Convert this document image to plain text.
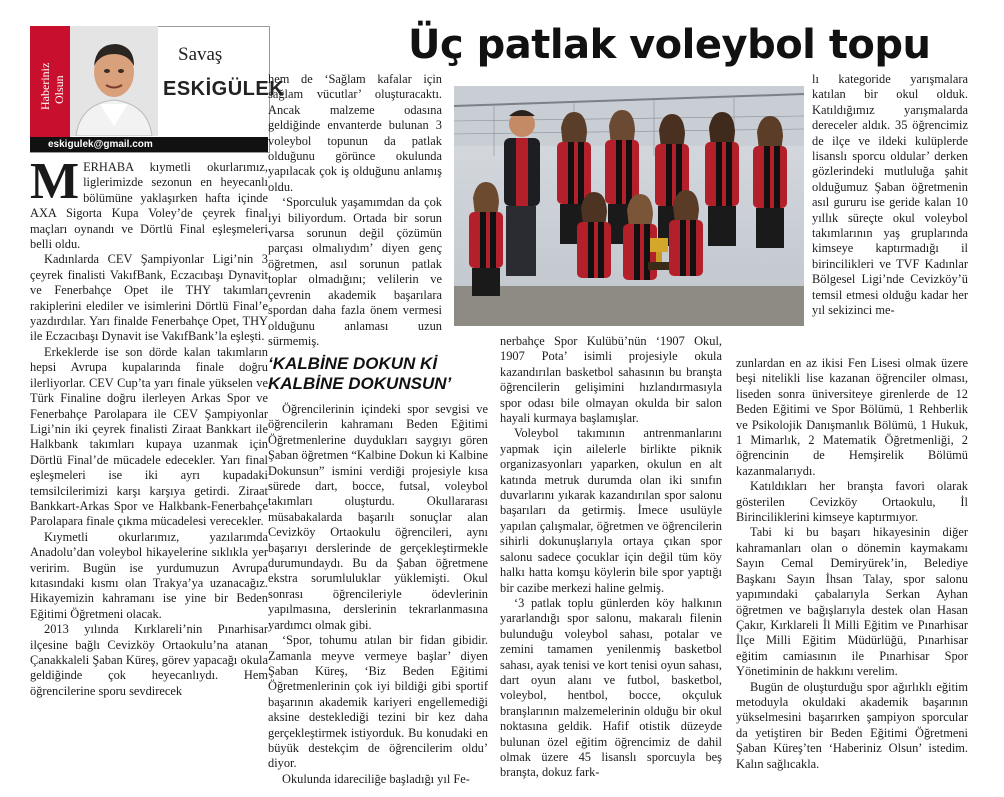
Haberiniz Olsun
Savaş
ESKİGÜLEK
eskigulek@gmail.com
Üç patlak voleybol topu

MERHABA kıymetli okurlarımız, liglerimizde sezonun en heyecanlı bölümüne yaklaşırken hafta içinde AXA Sigorta Kupa Voley’de çeyrek final maçları oynandı ve Dörtlü Final eşleşmeleri belli oldu.

Kadınlarda CEV Şampiyonlar Ligi’nin 3 çeyrek finalisti VakıfBank, Eczacıbaşı Dynavit ve Fenerbahçe Opet ile THY takımları rakiplerini elediler ve isimlerini Dörtlü Final’e yazdırdılar. Yarı finalde Fenerbahçe Opet, THY ile Eczacıbaşı Dynavit ise VakıfBank’la eşleşti.

Erkeklerde ise son dörde kalan takımların hepsi Avrupa kupalarında finale doğru ilerliyorlar. CEV Cup’ta yarı finale yükselen ve Türk Finaline doğru ilerleyen Arkas Spor ve Fenerbahçe Parolapara ile CEV Şampiyonlar Ligi’nin iki çeyrek finalisti Ziraat Bankkart ile Halkbank takımları kupaya uzanmak için Dörtlü Final’de mücadele edecekler. Yarı final eşleşmeleri ise iki ayrı kupadaki temsilcilerimizi karşı karşıya getirdi. Ziraat Bankkart-Arkas Spor ve Halkbank-Fenerbahçe Parolapara finale çıkma mücadelesi verecekler.

Kıymetli okurlarımız, yazılarımda Anadolu’dan voleybol hikayelerine sıklıkla yer veririm. Bugün ise yurdumuzun Avrupa kıtasındaki kısmı olan Trakya’ya uzanacağız. Hikayemizin kahramanı ise yine bir Beden Eğitimi Öğretmeni olacak.

2013 yılında Kırklareli’nin Pınarhisar ilçesine bağlı Cevizköy Ortaokulu’na atanan Çanakkaleli Şaban Küreş, görev yapacağı okula geldiğinde çok heyecanlıydı. Hem öğrencilerine sporu sevdirecek

hem de ‘Sağlam kafalar için sağlam vücutlar’ oluşturacaktı. Ancak malzeme odasına geldiğinde envanterde bulunan 3 voleybol topunun da patlak olduğunu görünce okulunda yapılacak çok iş olduğunu anlamış oldu.

‘Sporculuk yaşamımdan da çok iyi biliyordum. Ortada bir sorun varsa sorunun değil çözümün parçası olmalıydım’ diyen genç öğretmen, asıl sorunun patlak toplar olmadığını; velilerin ve çevrenin akademik başarılara spordan daha fazla önem vermesi olduğunu anlaması uzun sürmemiş.

‘KALBİNE DOKUN Kİ
KALBİNE DOKUNSUN’

Öğrencilerinin içindeki spor sevgisi ve öğrencilerin kahramanı Beden Eğitimi Öğretmenlerine duydukları saygıyı gören Şaban öğretmen “Kalbine Dokun ki Kalbine Dokunsun” ismini verdiği projesiyle kısa sürede dart, bocce, futsal, voleybol takımları oluşturdu. Okullararası müsabakalarda başarılı sonuçlar alan Cevizköy Ortaokulu öğrencileri, aynı başarıyı derslerinde de gerçekleştirmekle durumundaydı. Bu da Şaban öğretmene ekstra sorumluluklar yüklemişti. Okul sonrası öğrencileriyle ödevlerinin yapılmasına, derslerinin tekrarlanmasına yardımcı olmak gibi.

‘Spor, tohumu atılan bir fidan gibidir. Zamanla meyve vermeye başlar’ diyen Şaban Küreş, ‘Biz Beden Eğitimi Öğretmenlerinin çok iyi bildiği gibi sportif başarının akademik kariyeri engellemediği aksine desteklediği tezini bir kez daha gerçekleştirmek istiyorduk. Bu konudaki en büyük destekçim de öğrencilerim oldu’ diyor.

Okulunda idareciliğe başladığı yıl Fe-

nerbahçe Spor Kulübü’nün ‘1907 Okul, 1907 Pota’ isimli projesiyle okula kazandırılan basketbol sahasının bu branşta öğrencilerin gelişimini hızlandırmasıyla spor odası bile olmayan okulda bir salon hayali kurmaya başlamışlar.

Voleybol takımının antrenmanlarını yapmak için ailelerle birlikte piknik organizasyonları yaparken, okulun en alt katında metruk durumda olan iki sınıfın duvarlarını yıkarak kazandırılan spor salonu başarıları da getirmiş. İmece usulüyle yapılan çalışmalar, öğretmen ve öğrencilerin sihirli dokunuşlarıyla ortaya çıkan spor salonu sadece çocuklar için değil tüm köy halkı hatta komşu köylerin bile spor yaptığı bir cazibe merkezi haline gelmiş.

‘3 patlak toplu günlerden köy halkının yararlandığı spor salonu, makaralı filenin bulunduğu voleybol sahası, potalar ve zemini tamamen yenilenmiş basketbol sahası, ayak tenisi ve kort tenisi oyun sahası, dart oyun alanı ve futbol, basketbol, voleybol, hentbol, bocce, okçuluk branşlarının malzemelerinin olduğu bir okul noktasına geldik. Hafif otistik düzeyde bulunan özel eğitim öğrencimiz de dahil olmak üzere 45 lisanslı sporcuyla beş branşta, dokuz fark-

lı kategoride yarışmalara katılan bir okul olduk. Katıldığımız yarışmalarda dereceler aldık. 35 öğrencimiz de ilçe ve ildeki kulüplerde lisanslı sporcu oldular’ derken gözlerindeki mutluluğa şahit olduğumuz Şaban öğretmenin asıl gururu ise geride kalan 10 yıllık süreçte okul voleybol takımlarının yaş gruplarında kimseye kaptırmadığı il birincilikleri ve TVF Kadınlar Bölgesel Ligi’nde Cevizköy’ü temsil etmesi olduğu kadar her yıl sekizinci me-

zunlardan en az ikisi Fen Lisesi olmak üzere beşi nitelikli lise kazanan öğrenciler olması, liseden sonra üniversiteye girenlerde de 12 Beden Eğitimi ve Spor Bölümü, 1 Rehberlik ve Psikolojik Danışmanlık Bölümü, 1 Hukuk, 1 Mimarlık, 2 Matematik Öğretmenliği, 2 öğrencinin de Hemşirelik Bölümü kazanmalarıydı.

Katıldıkları her branşta favori olarak gösterilen Cevizköy Ortaokulu, İl Birinciliklerini kimseye kaptırmıyor.

Tabi ki bu başarı hikayesinin diğer kahramanları olan o dönemin kaymakamı Sayın Cemal Demiryürek’in, Belediye Başkanı Sayın İhsan Talay, spor salonu yapımındaki çabalarıyla Serkan Ayhan öğretmen ve bağışlarıyla destek olan Hasan Çakır, Kırklareli İl Milli Eğitim ve Pınarhisar İlçe Milli Eğitim Müdürlüğü, Pınarhisar eğitim camiasının ile Pınarhisar Spor Yönetiminin de hakkını verelim.

Bugün de oluşturduğu spor ağırlıklı eğitim metoduyla okuldaki akademik başarının yükselmesini başarırken şampiyon sporcular da yetiştiren bir Beden Eğitimi Öğretmeni Şaban Küreş’ten ‘Haberiniz Olsun’ istedim. Kalın sağlıcakla.
